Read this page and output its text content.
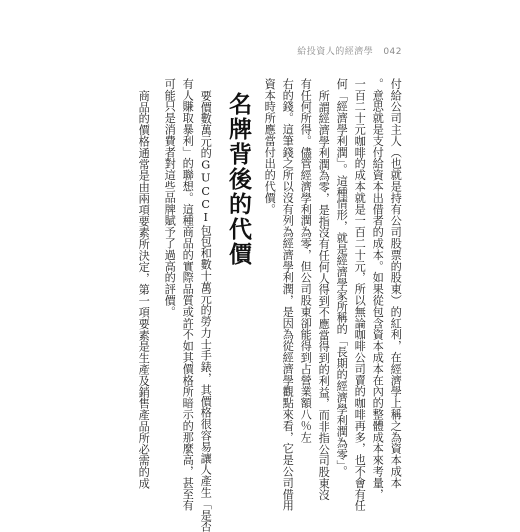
給投資人的經濟學 042
付給公司主人（也就是持有公司股票的股東）的紅利，在經濟學上稱之為資本成本
。意思就是支付給資本出借者的成本。如果從包含資本成本在內的整體成本來考量，
一百二十元咖啡的成本就是一百二十元，所以無論咖啡公司賣的咖啡再多，也不會有任
何「經濟學利潤」。這種情形，就是經濟學家所稱的「長期的經濟學利潤為零」。
所謂經濟學利潤為零，是指沒有任何人得到不應當得到的利益，而非指公司股東沒
有任何所得。儘管經濟學利潤為零，但公司股東卻能得到占營業額八％左
右的錢。這筆錢之所以沒有列為經濟學利潤，是因為從經濟學觀點來看，它是公司借用
資本時所應當付出的代價。
名牌背後的代價
要價數萬元的GUCCI包包和數十萬元的勞力士手錶，其價格很容易讓人產生「是否
有人賺取暴利」的聯想。這種商品的實際品質或許不如其價格所暗示的那麼高，甚至有
可能只是消費者對這些品牌賦予了過高的評價。
商品的價格通常是由兩項要素所決定，第一項要素是生產及銷售產品所必需的成
